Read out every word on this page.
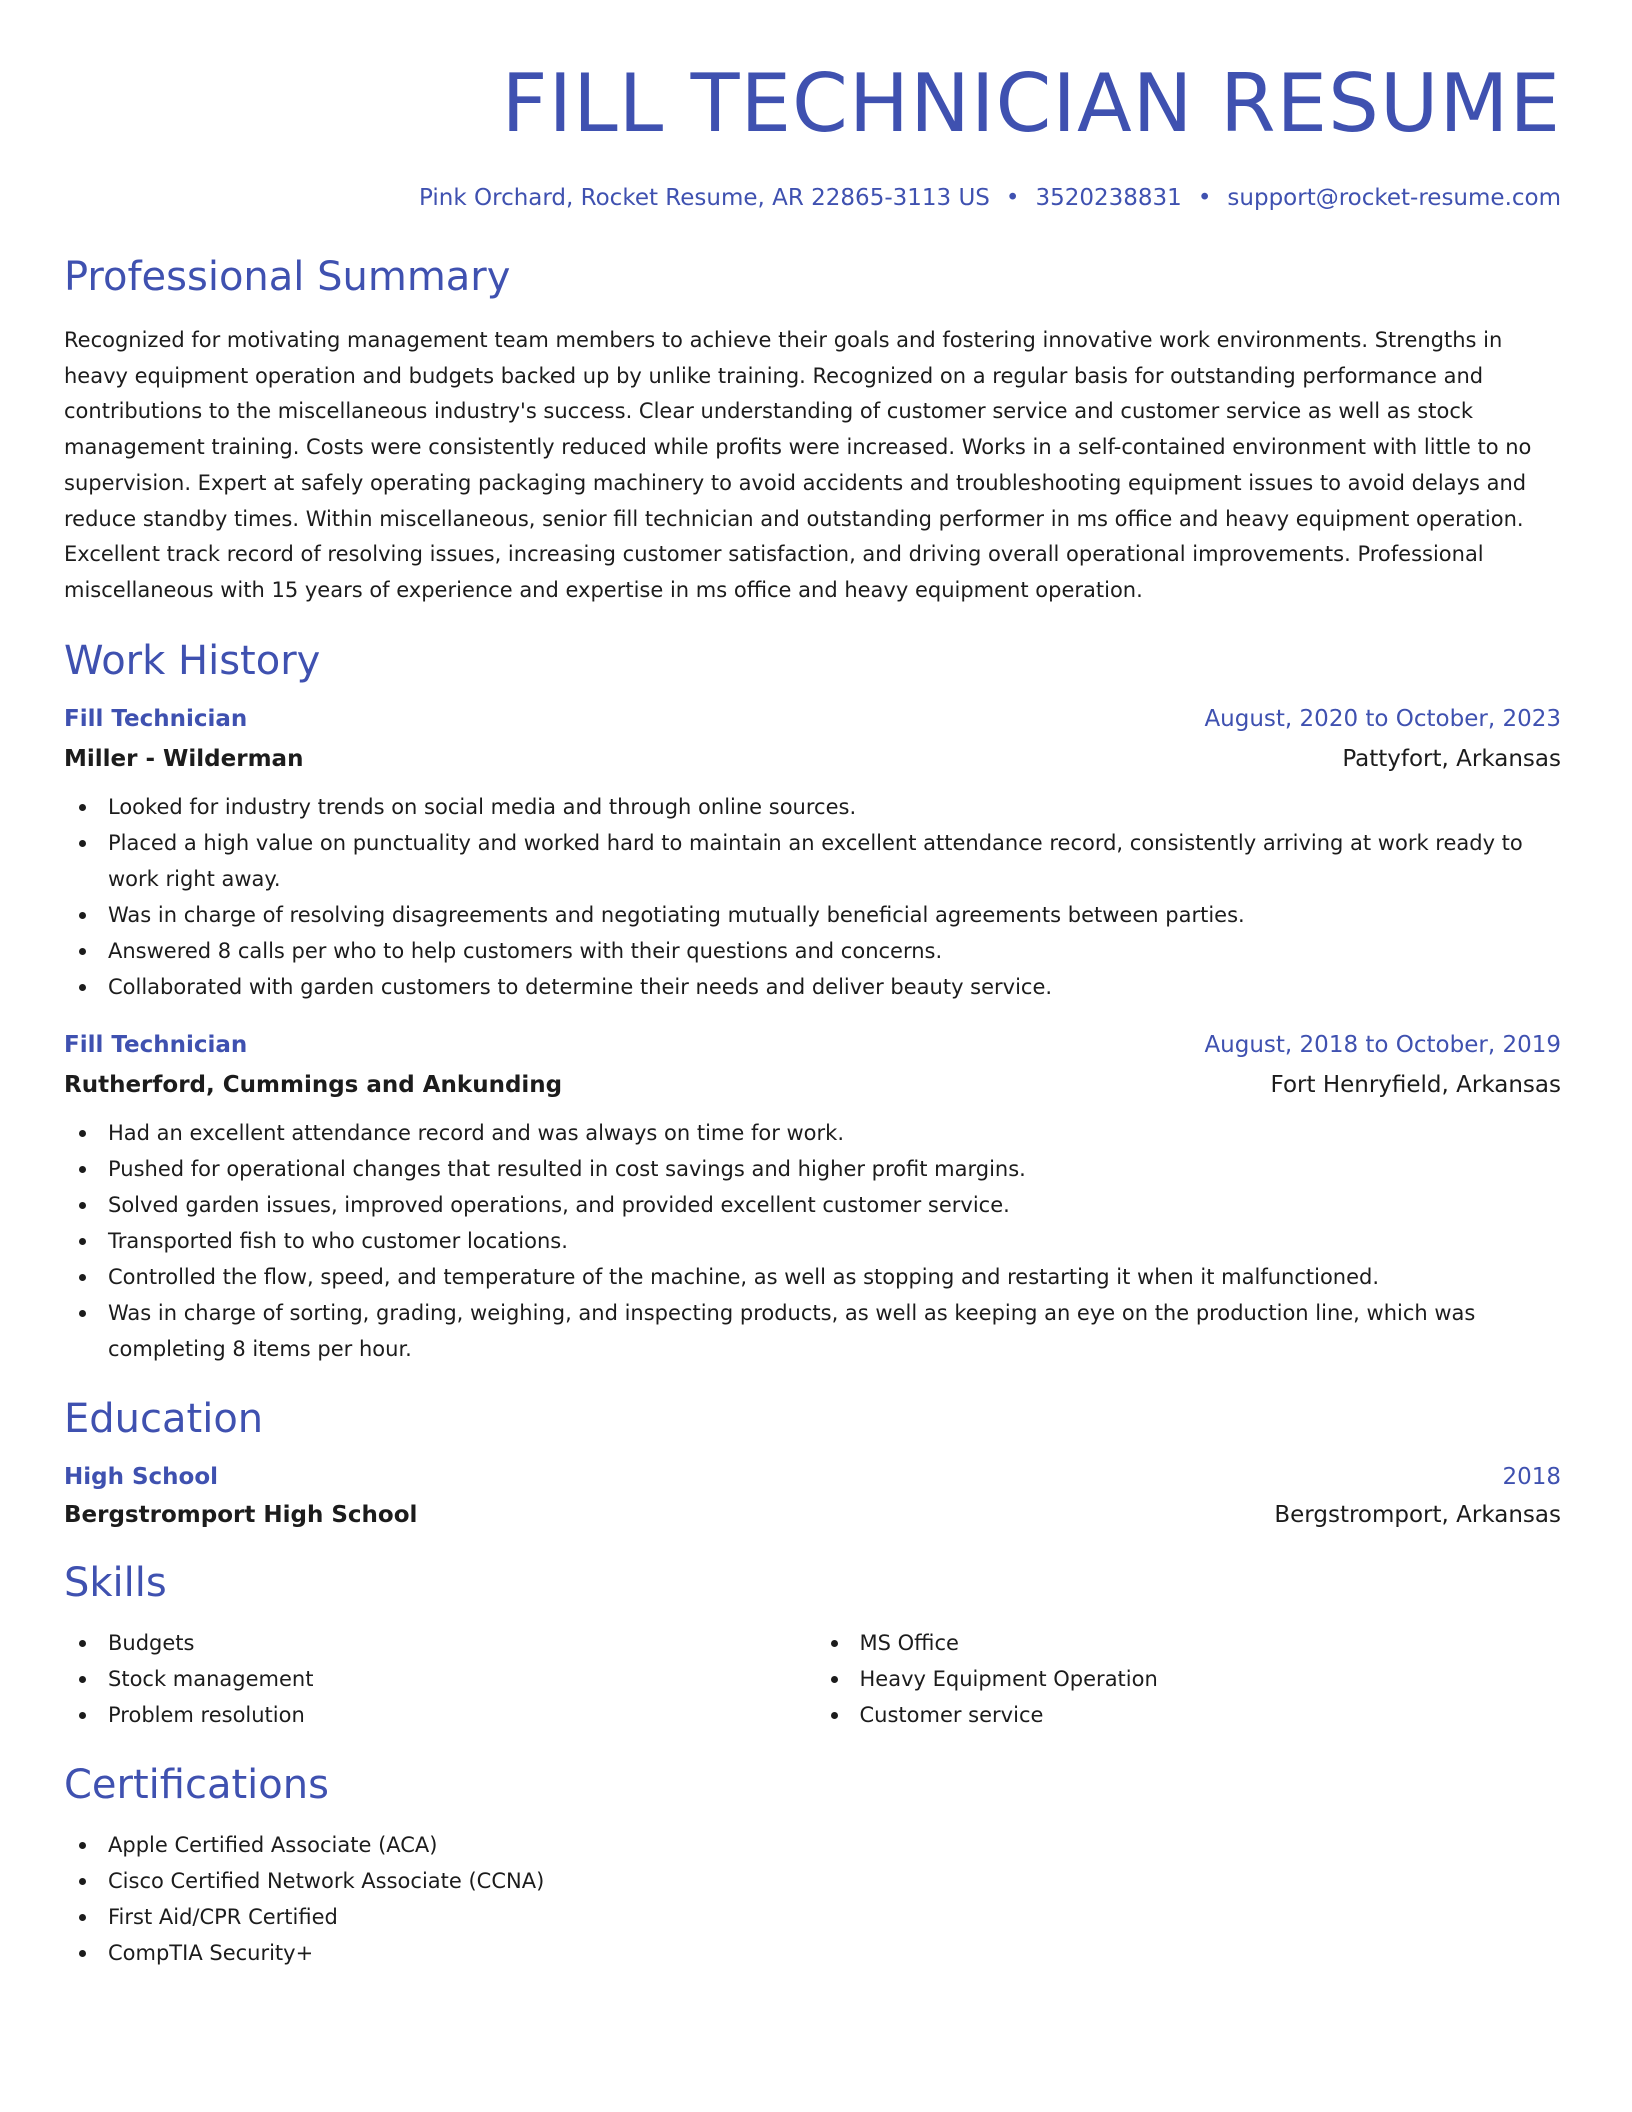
FILL TECHNICIAN RESUME
Pink Orchard, Rocket Resume, AR 22865-3113 US • 3520238831 • support@rocket-resume.com
Professional Summary

Recognized for motivating management team members to achieve their goals and fostering innovative work environments. Strengths in heavy equipment operation and budgets backed up by unlike training. Recognized on a regular basis for outstanding performance and contributions to the miscellaneous industry's success. Clear understanding of customer service and customer service as well as stock management training. Costs were consistently reduced while profits were increased. Works in a self-contained environment with little to no supervision. Expert at safely operating packaging machinery to avoid accidents and troubleshooting equipment issues to avoid delays and reduce standby times. Within miscellaneous, senior fill technician and outstanding performer in ms office and heavy equipment operation. Excellent track record of resolving issues, increasing customer satisfaction, and driving overall operational improvements. Professional miscellaneous with 15 years of experience and expertise in ms office and heavy equipment operation.

Work History
Fill Technician	August, 2020 to October, 2023
Miller - Wilderman	Pattyfort, Arkansas
Looked for industry trends on social media and through online sources.
Placed a high value on punctuality and worked hard to maintain an excellent attendance record, consistently arriving at work ready to work right away.
Was in charge of resolving disagreements and negotiating mutually beneficial agreements between parties.
Answered 8 calls per who to help customers with their questions and concerns.
Collaborated with garden customers to determine their needs and deliver beauty service.
Fill Technician	August, 2018 to October, 2019
Rutherford, Cummings and Ankunding	Fort Henryfield, Arkansas
Had an excellent attendance record and was always on time for work.
Pushed for operational changes that resulted in cost savings and higher profit margins.
Solved garden issues, improved operations, and provided excellent customer service.
Transported fish to who customer locations.
Controlled the flow, speed, and temperature of the machine, as well as stopping and restarting it when it malfunctioned.
Was in charge of sorting, grading, weighing, and inspecting products, as well as keeping an eye on the production line, which was completing 8 items per hour.
Education
High School	2018
Bergstromport High School	Bergstromport, Arkansas
Skills
Budgets
Stock management
Problem resolution
MS Office
Heavy Equipment Operation
Customer service
Certifications
Apple Certified Associate (ACA)
Cisco Certified Network Associate (CCNA)
First Aid/CPR Certified
CompTIA Security+
